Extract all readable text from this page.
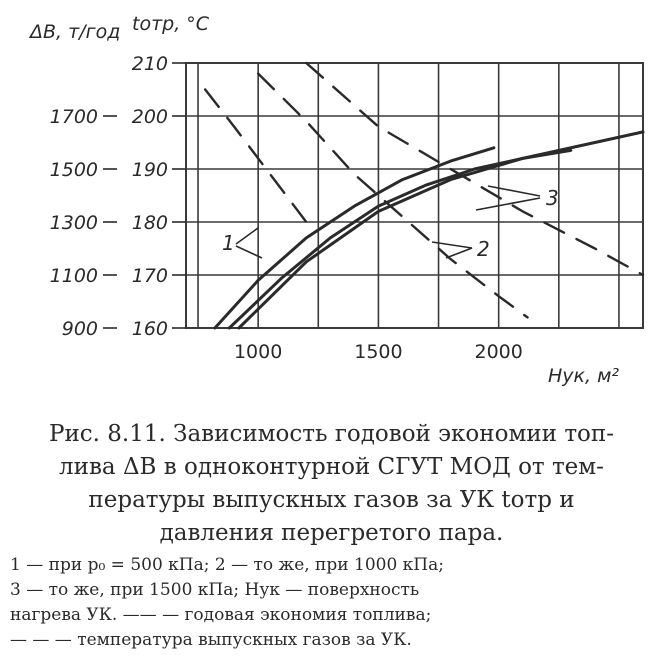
160
170
180
190
200
210
900
1100
1300
1500
1700
1000	1500	2000
1	2
3
ΔB, т/год tотр, °C
Hук, м²
Рис. 8.11. Зависимость годовой экономии топ-
лива ΔB в одноконтурной СГУТ МОД от тем-
пературы выпускных газов за УК tотр и
давления перегретого пара.
1 — при p₀ = 500 кПа; 2 — то же, при 1000 кПа;
3 — то же, при 1500 кПа; Hук — поверхность
нагрева УК. —— — годовая экономия топлива;
— — — температура выпускных газов за УК.
